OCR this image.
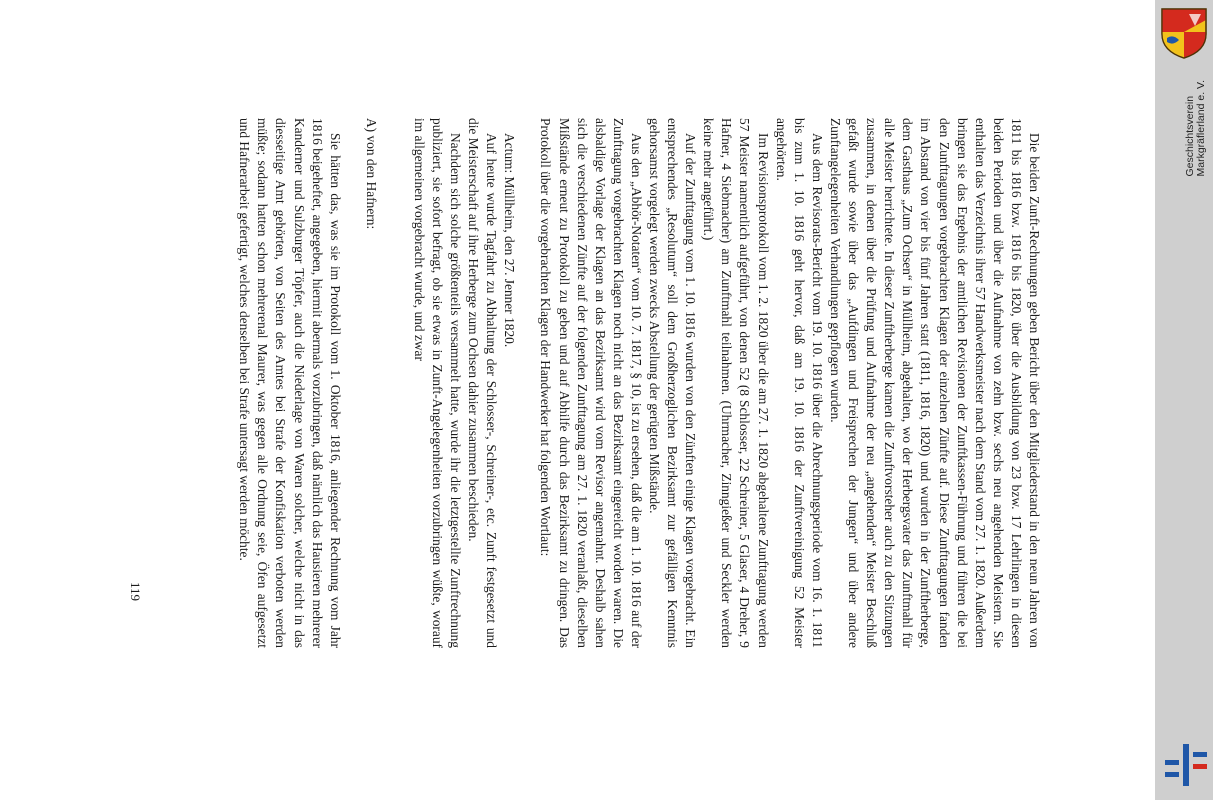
Die beiden Zunft-Rechnungen geben Bericht über den Mitgliederstand in den neun Jahren von 1811 bis 1816 bzw. 1816 bis 1820, über die Ausbildung von 23 bzw. 17 Lehrlingen in diesen beiden Perioden und über die Aufnahme von zehn bzw. sechs neu angehenden Meistern. Sie enthalten das Verzeichnis ihrer 57 Handwerksmeister nach dem Stand vom 27. 1. 1820. Außerdem bringen sie das Ergebnis der amtlichen Revisionen der Zunftkassen-Führung und führen die bei den Zunfttagungen vorgebrachten Klagen der einzelnen Zünfte auf. Diese Zunfttagungen fanden im Abstand von vier bis fünf Jahren statt (1811, 1816, 1820) und wurden in der Zunftherberge, dem Gasthaus „Zum Ochsen“ in Müllheim, abgehalten, wo der Herbergsvater das Zunftmahl für alle Meister herrichtete. In dieser Zunftherberge kamen die Zunftvorsteher auch zu den Sitzungen zusammen, in denen über die Prüfung und Aufnahme der neu „angehenden“ Meister Beschluß gefaßt wurde sowie über das „Aufdingen und Freisprechen der Jungen“ und über andere Zunftangelegenheiten Verhandlungen gepflogen wurden.

Aus dem Revisorats-Bericht vom 19. 10. 1816 über die Abrechnungsperiode vom 16. 1. 1811 bis zum 1. 10. 1816 geht hervor, daß am 19. 10. 1816 der Zunftvereinigung 52 Meister angehörten.

Im Revisionsprotokoll vom 1. 2. 1820 über die am 27. 1. 1820 abgehaltene Zunfttagung werden 57 Meister namentlich aufgeführt, von denen 52 (8 Schlosser, 22 Schreiner, 5 Glaser, 4 Dreher, 9 Hafner, 4 Siebmacher) am Zunftmahl teilnahmen. (Uhrmacher, Zinngießer und Seckler werden keine mehr angeführt.)

Auf der Zunfttagung vom 1. 10. 1816 wurden von den Zünften einige Klagen vorgebracht. Ein entsprechendes „Resolutum“ soll dem Großherzoglichen Bezirksamt zur gefälligen Kenntnis gehorsamst vorgelegt werden zwecks Abstellung der gerügten Mißstände.

Aus den „Abhör-Notaten“ vom 10. 7. 1817, § 10, ist zu ersehen, daß die am 1. 10. 1816 auf der Zunfttagung vorgebrachten Klagen noch nicht an das Bezirksamt eingereicht worden waren. Die alsbaldige Vorlage der Klagen an das Bezirksamt wird vom Revisor angemahnt. Deshalb sahen sich die verschiedenen Zünfte auf der folgenden Zunfttagung am 27. 1. 1820 veranlaßt, dieselben Mißstände erneut zu Protokoll zu geben und auf Abhilfe durch das Bezirksamt zu dringen. Das Protokoll über die vorgebrachten Klagen der Handwerker hat folgenden Wortlaut:

Actum: Müllheim, den 27. Jenner 1820.

Auf heute wurde Tagfahrt zu Abhaltung der Schlosser-, Schreiner-, etc. Zunft festgesetzt und die Meisterschaft auf ihre Herberge zum Ochsen dahier zusammen beschieden.

Nachdem sich solche größtenteils versammelt hatte, wurde ihr die letztgestellte Zunftrechnung publiziert, sie sofort befragt, ob sie etwas in Zunft-Angelegenheiten vorzubringen wüßte, worauf im allgemeinen vorgebracht wurde, und zwar

A) von den Hafnern:

Sie hätten das, was sie im Protokoll vom 1. Oktober 1816, anliegender Rechnung vom Jahr 1816 beigeheftet, angegeben, hiermit abermals vorzubringen, daß nämlich das Hausieren mehrerer Kanderner und Sulzburger Töpfer, auch die Niederlage von Waren solcher, welche nicht in das diesseitige Amt gehörten, von Seiten des Amtes bei Strafe der Konfiskation verboten werden müßte; sodann hatten schon mehrerenal Maurer, was gegen alle Ordnung seie, Öfen aufgesetzt und Hafnerarbeit gefertigt, welches denselben bei Strafe untersagt werden möchte.

119
Geschichtsverein Markgräflerland e. V.
